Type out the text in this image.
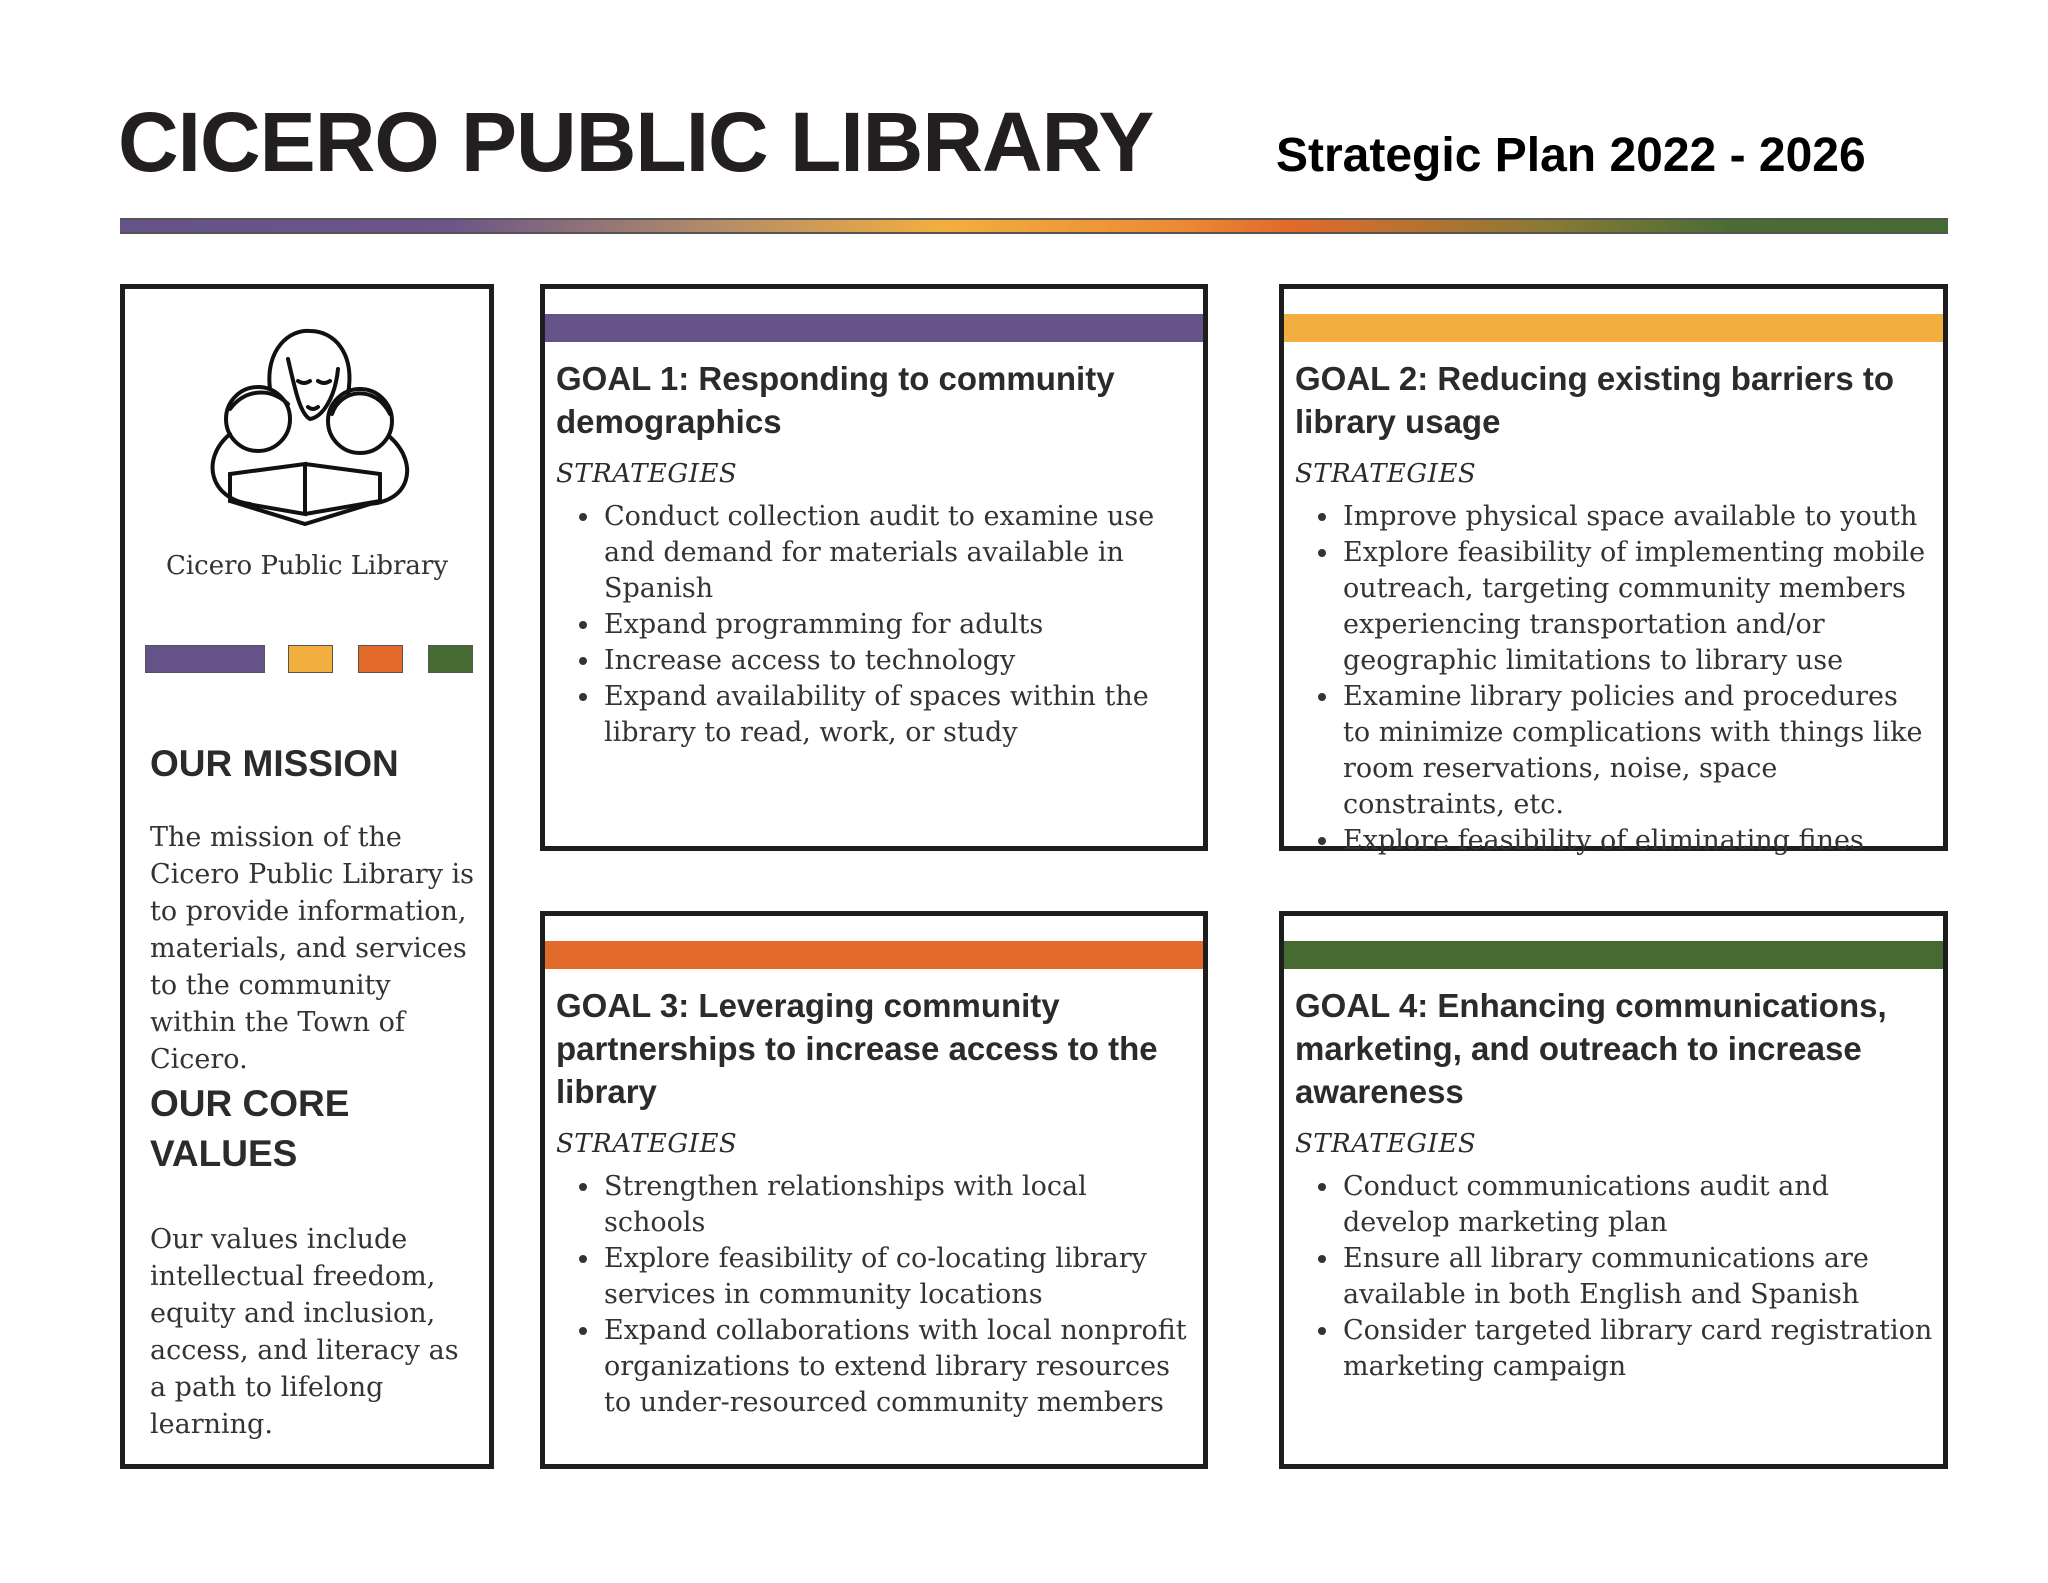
CICERO PUBLIC LIBRARY	Strategic Plan 2022 - 2026
Cicero Public Library
OUR MISSION
The mission of the Cicero Public Library is to provide information, materials, and services to the community within the Town of Cicero.
OUR CORE VALUES
Our values include intellectual freedom, equity and inclusion, access, and literacy as a path to lifelong learning.
GOAL 1: Responding to community demographics
STRATEGIES
• Conduct collection audit to examine use and demand for materials available in Spanish
• Expand programming for adults
• Increase access to technology
• Expand availability of spaces within the library to read, work, or study
GOAL 2: Reducing existing barriers to library usage
STRATEGIES
• Improve physical space available to youth
• Explore feasibility of implementing mobile outreach, targeting community members experiencing transportation and/or geographic limitations to library use
• Examine library policies and procedures to minimize complications with things like room reservations, noise, space constraints, etc.
• Explore feasibility of eliminating fines
GOAL 3: Leveraging community partnerships to increase access to the library
STRATEGIES
• Strengthen relationships with local schools
• Explore feasibility of co-locating library services in community locations
• Expand collaborations with local nonprofit organizations to extend library resources to under-resourced community members
GOAL 4: Enhancing communications, marketing, and outreach to increase awareness
STRATEGIES
• Conduct communications audit and develop marketing plan
• Ensure all library communications are available in both English and Spanish
• Consider targeted library card registration marketing campaign
